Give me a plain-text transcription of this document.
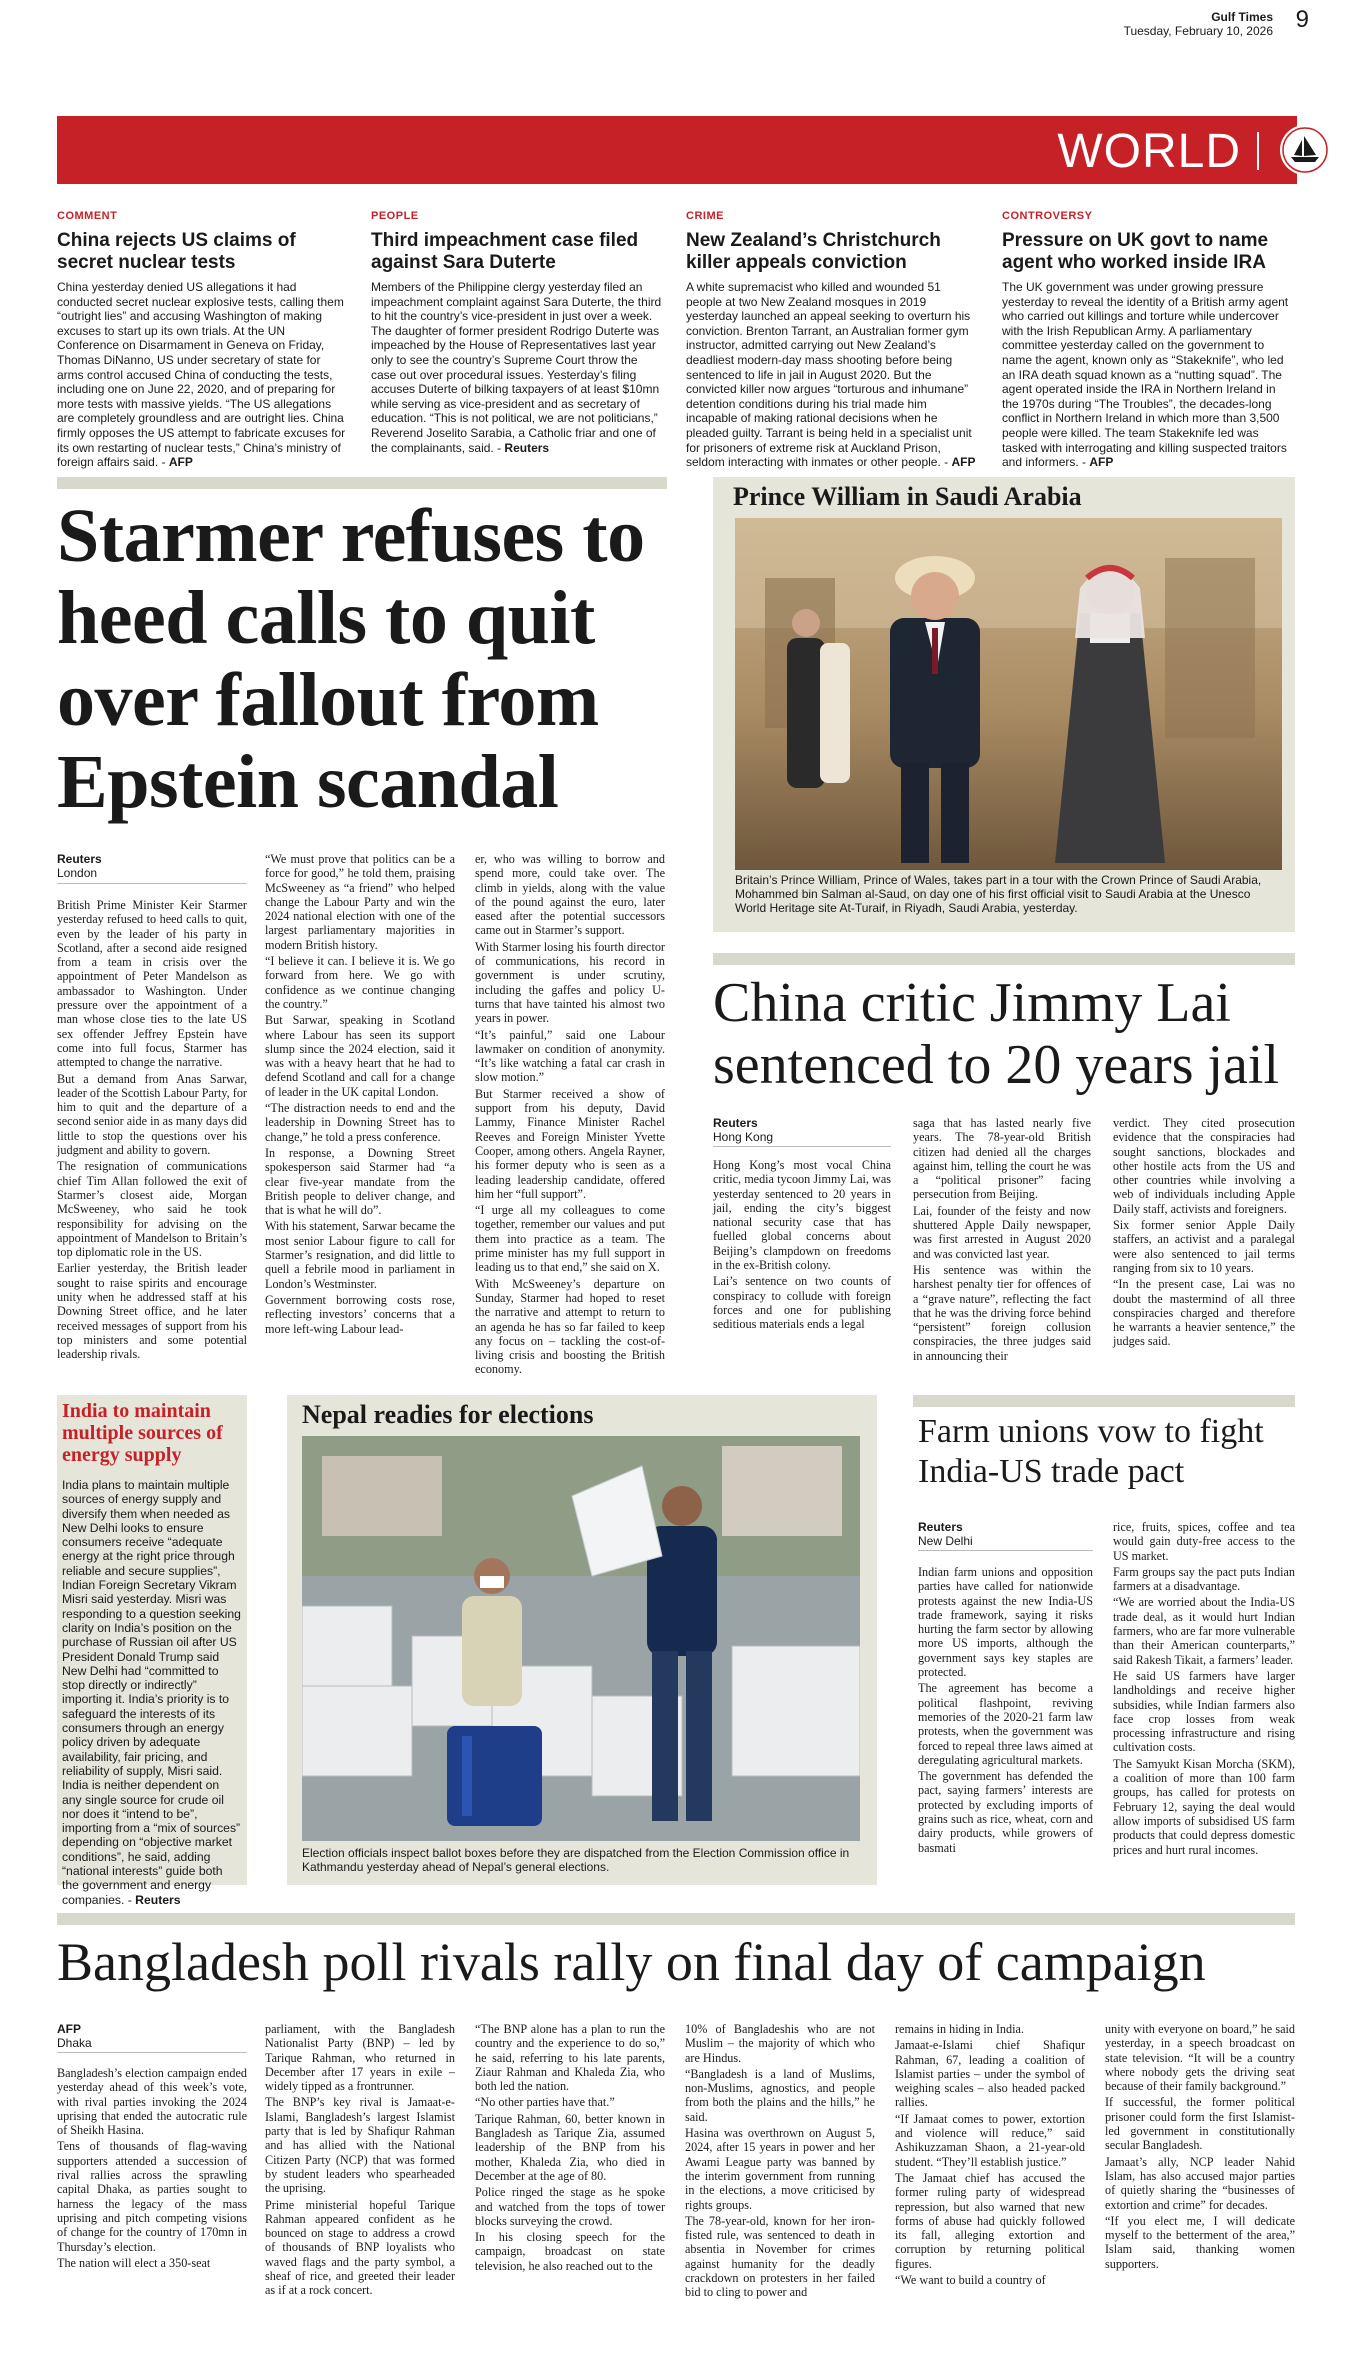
Gulf Times
Tuesday, February 10, 2026 9
WORLD
COMMENT
China rejects US claims of secret nuclear tests
China yesterday denied US allegations it had conducted secret nuclear explosive tests, calling them “outright lies” and accusing Washington of making excuses to start up its own trials. At the UN Conference on Disarmament in Geneva on Friday, Thomas DiNanno, US under secretary of state for arms control accused China of conducting the tests, including one on June 22, 2020, and of preparing for more tests with massive yields. “The US allegations are completely groundless and are outright lies. China firmly opposes the US attempt to fabricate excuses for its own restarting of nuclear tests,” China’s ministry of foreign affairs said. - AFP
PEOPLE
Third impeachment case filed against Sara Duterte
Members of the Philippine clergy yesterday filed an impeachment complaint against Sara Duterte, the third to hit the country’s vice-president in just over a week. The daughter of former president Rodrigo Duterte was impeached by the House of Representatives last year only to see the country’s Supreme Court throw the case out over procedural issues. Yesterday’s filing accuses Duterte of bilking taxpayers of at least $10mn while serving as vice-president and as secretary of education. “This is not political, we are not politicians,” Reverend Joselito Sarabia, a Catholic friar and one of the complainants, said. - Reuters
CRIME
New Zealand’s Christchurch killer appeals conviction
A white supremacist who killed and wounded 51 people at two New Zealand mosques in 2019 yesterday launched an appeal seeking to overturn his conviction. Brenton Tarrant, an Australian former gym instructor, admitted carrying out New Zealand’s deadliest modern-day mass shooting before being sentenced to life in jail in August 2020. But the convicted killer now argues “torturous and inhumane” detention conditions during his trial made him incapable of making rational decisions when he pleaded guilty. Tarrant is being held in a specialist unit for prisoners of extreme risk at Auckland Prison, seldom interacting with inmates or other people. - AFP
CONTROVERSY
Pressure on UK govt to name agent who worked inside IRA
The UK government was under growing pressure yesterday to reveal the identity of a British army agent who carried out killings and torture while undercover with the Irish Republican Army. A parliamentary committee yesterday called on the government to name the agent, known only as “Stakeknife”, who led an IRA death squad known as a “nutting squad”. The agent operated inside the IRA in Northern Ireland in the 1970s during “The Troubles”, the decades-long conflict in Northern Ireland in which more than 3,500 people were killed. The team Stakeknife led was tasked with interrogating and killing suspected traitors and informers. - AFP
Starmer refuses to heed calls to quit over fallout from Epstein scandal
Reuters
London

British Prime Minister Keir Starmer yesterday refused to heed calls to quit, even by the leader of his party in Scotland, after a second aide resigned from a team in crisis over the appointment of Peter Mandelson as ambassador to Washington. Under pressure over the appointment of a man whose close ties to the late US sex offender Jeffrey Epstein have come into full focus, Starmer has attempted to change the narrative.

But a demand from Anas Sarwar, leader of the Scottish Labour Party, for him to quit and the departure of a second senior aide in as many days did little to stop the questions over his judgment and ability to govern.

The resignation of communications chief Tim Allan followed the exit of Starmer’s closest aide, Morgan McSweeney, who said he took responsibility for advising on the appointment of Mandelson to Britain’s top diplomatic role in the US.

Earlier yesterday, the British leader sought to raise spirits and encourage unity when he addressed staff at his Downing Street office, and he later received messages of support from his top ministers and some potential leadership rivals.

“We must prove that politics can be a force for good,” he told them, praising McSweeney as “a friend” who helped change the Labour Party and win the 2024 national election with one of the largest parliamentary majorities in modern British history.

“I believe it can. I believe it is. We go forward from here. We go with confidence as we continue changing the country.”

But Sarwar, speaking in Scotland where Labour has seen its support slump since the 2024 election, said it was with a heavy heart that he had to defend Scotland and call for a change of leader in the UK capital London.

“The distraction needs to end and the leadership in Downing Street has to change,” he told a press conference.

In response, a Downing Street spokesperson said Starmer had “a clear five-year mandate from the British people to deliver change, and that is what he will do”.

With his statement, Sarwar became the most senior Labour figure to call for Starmer’s resignation, and did little to quell a febrile mood in parliament in London’s Westminster.

Government borrowing costs rose, reflecting investors’ concerns that a more left-wing Labour lead-

er, who was willing to borrow and spend more, could take over. The climb in yields, along with the value of the pound against the euro, later eased after the potential successors came out in Starmer’s support.

With Starmer losing his fourth director of communications, his record in government is under scrutiny, including the gaffes and policy U-turns that have tainted his almost two years in power.

“It’s painful,” said one Labour lawmaker on condition of anonymity. “It’s like watching a fatal car crash in slow motion.”

But Starmer received a show of support from his deputy, David Lammy, Finance Minister Rachel Reeves and Foreign Minister Yvette Cooper, among others. Angela Rayner, his former deputy who is seen as a leading leadership candidate, offered him her “full support”.

“I urge all my colleagues to come together, remember our values and put them into practice as a team. The prime minister has my full support in leading us to that end,” she said on X.

With McSweeney’s departure on Sunday, Starmer had hoped to reset the narrative and attempt to return to an agenda he has so far failed to keep any focus on – tackling the cost-of-living crisis and boosting the British economy.

Prince William in Saudi Arabia
Britain’s Prince William, Prince of Wales, takes part in a tour with the Crown Prince of Saudi Arabia, Mohammed bin Salman al-Saud, on day one of his first official visit to Saudi Arabia at the Unesco World Heritage site At-Turaif, in Riyadh, Saudi Arabia, yesterday.
China critic Jimmy Lai sentenced to 20 years jail
Reuters
Hong Kong

Hong Kong’s most vocal China critic, media tycoon Jimmy Lai, was yesterday sentenced to 20 years in jail, ending the city’s biggest national security case that has fuelled global concerns about Beijing’s clampdown on freedoms in the ex-British colony.

Lai’s sentence on two counts of conspiracy to collude with foreign forces and one for publishing seditious materials ends a legal

saga that has lasted nearly five years. The 78-year-old British citizen had denied all the charges against him, telling the court he was a “political prisoner” facing persecution from Beijing.

Lai, founder of the feisty and now shuttered Apple Daily newspaper, was first arrested in August 2020 and was convicted last year.

His sentence was within the harshest penalty tier for offences of a “grave nature”, reflecting the fact that he was the driving force behind “persistent” foreign collusion conspiracies, the three judges said in announcing their

verdict. They cited prosecution evidence that the conspiracies had sought sanctions, blockades and other hostile acts from the US and other countries while involving a web of individuals including Apple Daily staff, activists and foreigners.

Six former senior Apple Daily staffers, an activist and a paralegal were also sentenced to jail terms ranging from six to 10 years.

“In the present case, Lai was no doubt the mastermind of all three conspiracies charged and therefore he warrants a heavier sentence,” the judges said.

India to maintain multiple sources of energy supply
India plans to maintain multiple sources of energy supply and diversify them when needed as New Delhi looks to ensure consumers receive “adequate energy at the right price through reliable and secure supplies”, Indian Foreign Secretary Vikram Misri said yesterday. Misri was responding to a question seeking clarity on India’s position on the purchase of Russian oil after US President Donald Trump said New Delhi had “committed to stop directly or indirectly” importing it. India’s priority is to safeguard the interests of its consumers through an energy policy driven by adequate availability, fair pricing, and reliability of supply, Misri said. India is neither dependent on any single source for crude oil nor does it “intend to be”, importing from a “mix of sources” depending on “objective market conditions”, he said, adding “national interests” guide both the government and energy companies. - Reuters
Nepal readies for elections
Election officials inspect ballot boxes before they are dispatched from the Election Commission office in Kathmandu yesterday ahead of Nepal’s general elections.
Farm unions vow to fight India-US trade pact
Reuters
New Delhi

Indian farm unions and opposition parties have called for nationwide protests against the new India-US trade framework, saying it risks hurting the farm sector by allowing more US imports, although the government says key staples are protected.

The agreement has become a political flashpoint, reviving memories of the 2020-21 farm law protests, when the government was forced to repeal three laws aimed at deregulating agricultural markets.

The government has defended the pact, saying farmers’ interests are protected by excluding imports of grains such as rice, wheat, corn and dairy products, while growers of basmati

rice, fruits, spices, coffee and tea would gain duty-free access to the US market.

Farm groups say the pact puts Indian farmers at a disadvantage.

“We are worried about the India-US trade deal, as it would hurt Indian farmers, who are far more vulnerable than their American counterparts,” said Rakesh Tikait, a farmers’ leader.

He said US farmers have larger landholdings and receive higher subsidies, while Indian farmers also face crop losses from weak processing infrastructure and rising cultivation costs.

The Samyukt Kisan Morcha (SKM), a coalition of more than 100 farm groups, has called for protests on February 12, saying the deal would allow imports of subsidised US farm products that could depress domestic prices and hurt rural incomes.

Bangladesh poll rivals rally on final day of campaign
AFP
Dhaka

Bangladesh’s election campaign ended yesterday ahead of this week’s vote, with rival parties invoking the 2024 uprising that ended the autocratic rule of Sheikh Hasina.

Tens of thousands of flag-waving supporters attended a succession of rival rallies across the sprawling capital Dhaka, as parties sought to harness the legacy of the mass uprising and pitch competing visions of change for the country of 170mn in Thursday’s election.

The nation will elect a 350-seat

parliament, with the Bangladesh Nationalist Party (BNP) – led by Tarique Rahman, who returned in December after 17 years in exile – widely tipped as a frontrunner.

The BNP’s key rival is Jamaat-e-Islami, Bangladesh’s largest Islamist party that is led by Shafiqur Rahman and has allied with the National Citizen Party (NCP) that was formed by student leaders who spearheaded the uprising.

Prime ministerial hopeful Tarique Rahman appeared confident as he bounced on stage to address a crowd of thousands of BNP loyalists who waved flags and the party symbol, a sheaf of rice, and greeted their leader as if at a rock concert.

“The BNP alone has a plan to run the country and the experience to do so,” he said, referring to his late parents, Ziaur Rahman and Khaleda Zia, who both led the nation.

“No other parties have that.”

Tarique Rahman, 60, better known in Bangladesh as Tarique Zia, assumed leadership of the BNP from his mother, Khaleda Zia, who died in December at the age of 80.

Police ringed the stage as he spoke and watched from the tops of tower blocks surveying the crowd.

In his closing speech for the campaign, broadcast on state television, he also reached out to the

10% of Bangladeshis who are not Muslim – the majority of which who are Hindus.

“Bangladesh is a land of Muslims, non-Muslims, agnostics, and people from both the plains and the hills,” he said.

Hasina was overthrown on August 5, 2024, after 15 years in power and her Awami League party was banned by the interim government from running in the elections, a move criticised by rights groups.

The 78-year-old, known for her iron-fisted rule, was sentenced to death in absentia in November for crimes against humanity for the deadly crackdown on protesters in her failed bid to cling to power and

remains in hiding in India.

Jamaat-e-Islami chief Shafiqur Rahman, 67, leading a coalition of Islamist parties – under the symbol of weighing scales – also headed packed rallies.

“If Jamaat comes to power, extortion and violence will reduce,” said Ashikuzzaman Shaon, a 21-year-old student. “They’ll establish justice.”

The Jamaat chief has accused the former ruling party of widespread repression, but also warned that new forms of abuse had quickly followed its fall, alleging extortion and corruption by returning political figures.

“We want to build a country of

unity with everyone on board,” he said yesterday, in a speech broadcast on state television. “It will be a country where nobody gets the driving seat because of their family background.”

If successful, the former political prisoner could form the first Islamist-led government in constitutionally secular Bangladesh.

Jamaat’s ally, NCP leader Nahid Islam, has also accused major parties of quietly sharing the “businesses of extortion and crime” for decades.

“If you elect me, I will dedicate myself to the betterment of the area,” Islam said, thanking women supporters.
